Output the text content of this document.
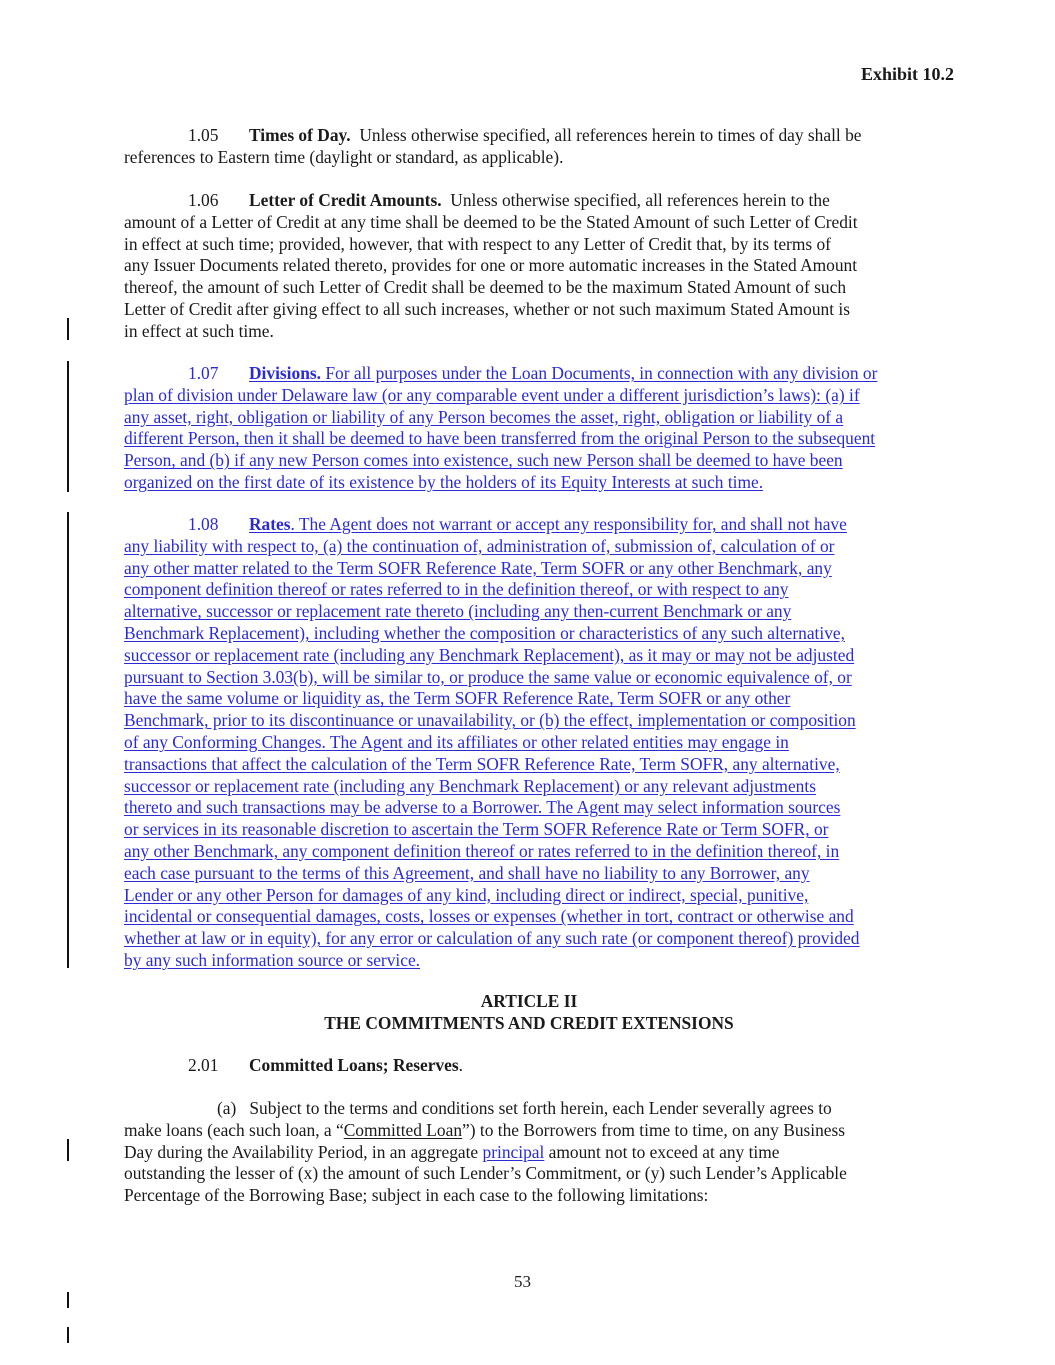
Exhibit 10.2
1.05 Times of Day. Unless otherwise specified, all references herein to times of day shall be
references to Eastern time (daylight or standard, as applicable).
1.06 Letter of Credit Amounts. Unless otherwise specified, all references herein to the
amount of a Letter of Credit at any time shall be deemed to be the Stated Amount of such Letter of Credit
in effect at such time; provided, however, that with respect to any Letter of Credit that, by its terms of
any Issuer Documents related thereto, provides for one or more automatic increases in the Stated Amount
thereof, the amount of such Letter of Credit shall be deemed to be the maximum Stated Amount of such
Letter of Credit after giving effect to all such increases, whether or not such maximum Stated Amount is
in effect at such time.
1.07 Divisions. For all purposes under the Loan Documents, in connection with any division or
plan of division under Delaware law (or any comparable event under a different jurisdiction’s laws): (a) if
any asset, right, obligation or liability of any Person becomes the asset, right, obligation or liability of a
different Person, then it shall be deemed to have been transferred from the original Person to the subsequent
Person, and (b) if any new Person comes into existence, such new Person shall be deemed to have been
organized on the first date of its existence by the holders of its Equity Interests at such time.
1.08 Rates. The Agent does not warrant or accept any responsibility for, and shall not have
any liability with respect to, (a) the continuation of, administration of, submission of, calculation of or
any other matter related to the Term SOFR Reference Rate, Term SOFR or any other Benchmark, any
component definition thereof or rates referred to in the definition thereof, or with respect to any
alternative, successor or replacement rate thereto (including any then-current Benchmark or any
Benchmark Replacement), including whether the composition or characteristics of any such alternative,
successor or replacement rate (including any Benchmark Replacement), as it may or may not be adjusted
pursuant to Section 3.03(b), will be similar to, or produce the same value or economic equivalence of, or
have the same volume or liquidity as, the Term SOFR Reference Rate, Term SOFR or any other
Benchmark, prior to its discontinuance or unavailability, or (b) the effect, implementation or composition
of any Conforming Changes. The Agent and its affiliates or other related entities may engage in
transactions that affect the calculation of the Term SOFR Reference Rate, Term SOFR, any alternative,
successor or replacement rate (including any Benchmark Replacement) or any relevant adjustments
thereto and such transactions may be adverse to a Borrower. The Agent may select information sources
or services in its reasonable discretion to ascertain the Term SOFR Reference Rate or Term SOFR, or
any other Benchmark, any component definition thereof or rates referred to in the definition thereof, in
each case pursuant to the terms of this Agreement, and shall have no liability to any Borrower, any
Lender or any other Person for damages of any kind, including direct or indirect, special, punitive,
incidental or consequential damages, costs, losses or expenses (whether in tort, contract or otherwise and
whether at law or in equity), for any error or calculation of any such rate (or component thereof) provided
by any such information source or service.
ARTICLE II
THE COMMITMENTS AND CREDIT EXTENSIONS
2.01 Committed Loans; Reserves.
(a) Subject to the terms and conditions set forth herein, each Lender severally agrees to
make loans (each such loan, a “Committed Loan”) to the Borrowers from time to time, on any Business
Day during the Availability Period, in an aggregate principal amount not to exceed at any time
outstanding the lesser of (x) the amount of such Lender’s Commitment, or (y) such Lender’s Applicable
Percentage of the Borrowing Base; subject in each case to the following limitations:
53
